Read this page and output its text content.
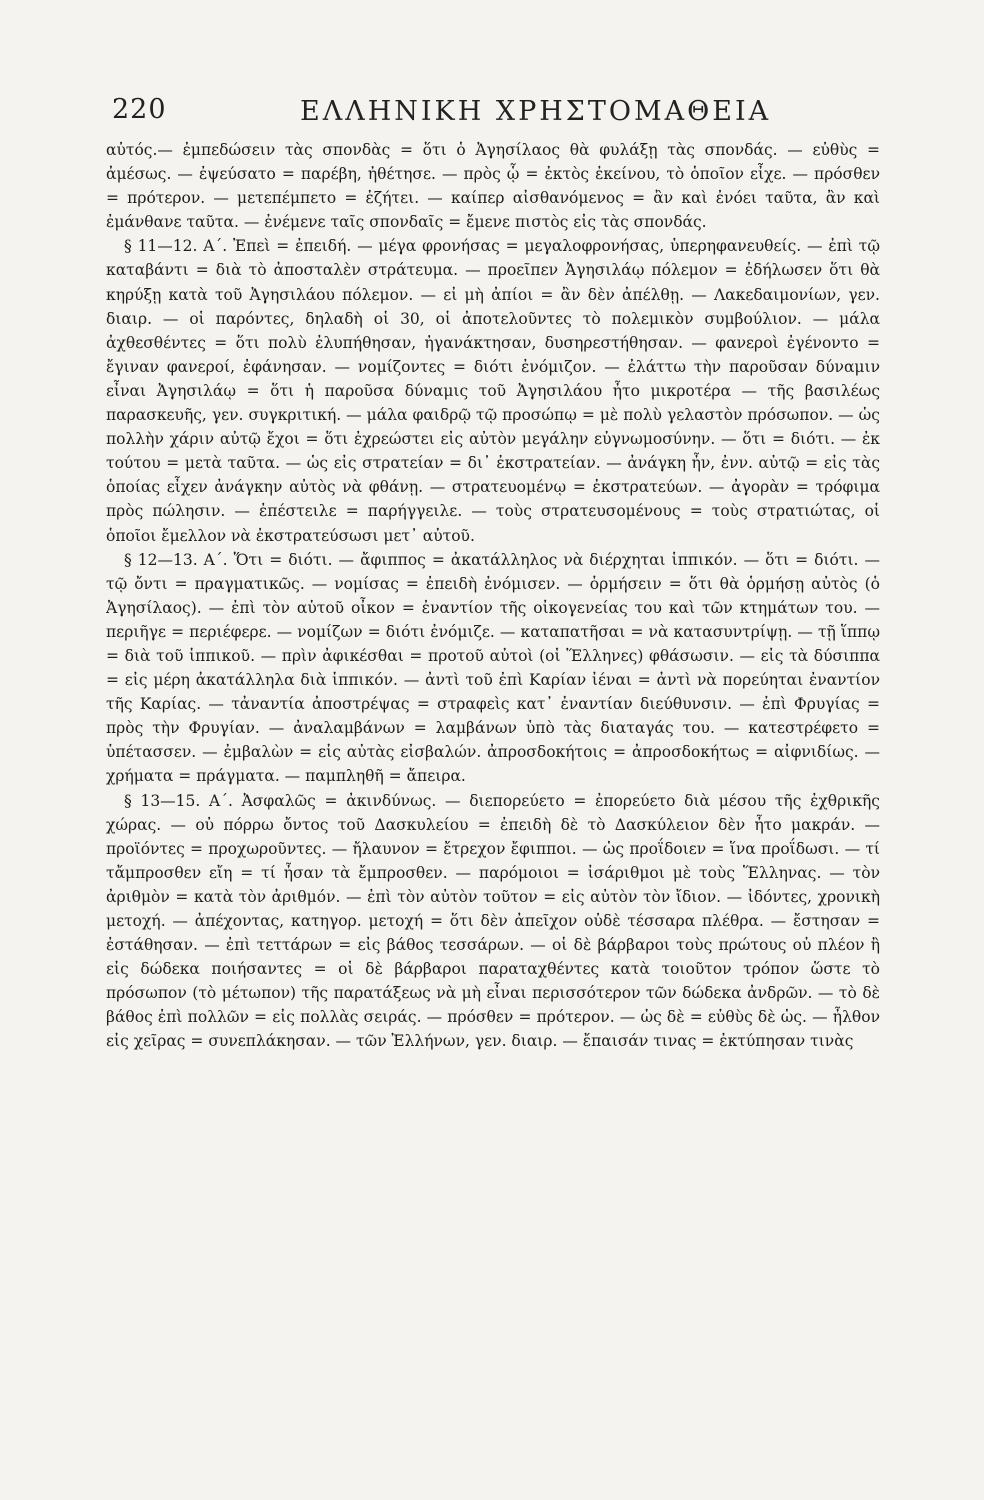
220	ΕΛΛΗΝΙΚΗ ΧΡΗΣΤΟΜΑΘΕΙΑ

αὐτός.— ἐμπεδώσειν τὰς σπονδὰς = ὅτι ὁ Ἀγησίλαος θὰ φυλάξῃ τὰς σπονδάς. — εὐθὺς = ἀμέσως. — ἐψεύσατο = παρέβη, ἠθέτησε. — πρὸς ᾧ = ἐκτὸς ἐκείνου, τὸ ὁποῖον εἶχε. — πρόσθεν = πρότερον. — μετεπέμπετο = ἐζήτει. — καίπερ αἰσθανόμενος = ἂν καὶ ἐνόει ταῦτα, ἂν καὶ ἐμάνθανε ταῦτα. — ἐνέμενε ταῖς σπονδαῖς = ἔμενε πιστὸς εἰς τὰς σπονδάς.

§ 11—12. Α΄. Ἐπεὶ = ἐπειδή. — μέγα φρονήσας = μεγαλοφρονήσας, ὑπερηφανευθείς. — ἐπὶ τῷ καταβάντι = διὰ τὸ ἀποσταλὲν στράτευμα. — προεῖπεν Ἀγησιλάῳ πόλεμον = ἐδήλωσεν ὅτι θὰ κηρύξῃ κατὰ τοῦ Ἀγησιλάου πόλεμον. — εἰ μὴ ἀπίοι = ἂν δὲν ἀπέλθῃ. — Λακεδαιμονίων, γεν. διαιρ. — οἱ παρόντες, δηλαδὴ οἱ 30, οἱ ἀποτελοῦντες τὸ πολεμικὸν συμβούλιον. — μάλα ἀχθεσθέντες = ὅτι πολὺ ἐλυπήθησαν, ἠγανάκτησαν, δυσηρεστήθησαν. — φανεροὶ ἐγένοντο = ἔγιναν φανεροί, ἐφάνησαν. — νομίζοντες = διότι ἐνόμιζον. — ἐλάττω τὴν παροῦσαν δύναμιν εἶναι Ἀγησιλάῳ = ὅτι ἡ παροῦσα δύναμις τοῦ Ἀγησιλάου ἦτο μικροτέρα — τῆς βασιλέως παρασκευῆς, γεν. συγκριτική. — μάλα φαιδρῷ τῷ προσώπῳ = μὲ πολὺ γελαστὸν πρόσωπον. — ὡς πολλὴν χάριν αὐτῷ ἔχοι = ὅτι ἐχρεώστει εἰς αὐτὸν μεγάλην εὐγνωμοσύνην. — ὅτι = διότι. — ἐκ τούτου = μετὰ ταῦτα. — ὡς εἰς στρατείαν = δι᾽ ἐκστρατείαν. — ἀνάγκη ἦν, ἐνν. αὐτῷ = εἰς τὰς ὁποίας εἶχεν ἀνάγκην αὐτὸς νὰ φθάνῃ. — στρατευομένῳ = ἐκστρατεύων. — ἀγορὰν = τρόφιμα πρὸς πώλησιν. — ἐπέστειλε = παρήγγειλε. — τοὺς στρατευσομένους = τοὺς στρατιώτας, οἱ ὁποῖοι ἔμελλον νὰ ἐκστρατεύσωσι μετ᾽ αὐτοῦ.

§ 12—13. Α΄. Ὅτι = διότι. — ἄφιππος = ἀκατάλληλος νὰ διέρχηται ἱππικόν. — ὅτι = διότι. — τῷ ὄντι = πραγματικῶς. — νομίσας = ἐπειδὴ ἐνόμισεν. — ὁρμήσειν = ὅτι θὰ ὁρμήσῃ αὐτὸς (ὁ Ἀγησίλαος). — ἐπὶ τὸν αὑτοῦ οἶκον = ἐναντίον τῆς οἰκογενείας του καὶ τῶν κτημάτων του. — περιῆγε = περιέφερε. — νομίζων = διότι ἐνόμιζε. — καταπατῆσαι = νὰ κατασυντρίψῃ. — τῇ ἵππῳ = διὰ τοῦ ἱππικοῦ. — πρὶν ἀφικέσθαι = προτοῦ αὐτοὶ (οἱ Ἕλληνες) φθάσωσιν. — εἰς τὰ δύσιππα = εἰς μέρη ἀκατάλληλα διὰ ἱππικόν. — ἀντὶ τοῦ ἐπὶ Καρίαν ἰέναι = ἀντὶ νὰ πορεύηται ἐναντίον τῆς Καρίας. — τἀναντία ἀποστρέψας = στραφεὶς κατ᾽ ἐναντίαν διεύθυνσιν. — ἐπὶ Φρυγίας = πρὸς τὴν Φρυγίαν. — ἀναλαμβάνων = λαμβάνων ὑπὸ τὰς διαταγάς του. — κατεστρέφετο = ὑπέτασσεν. — ἐμβαλὼν = εἰς αὐτὰς εἰσβαλών. ἀπροσδοκήτοις = ἀπροσδοκήτως = αἰφνιδίως. — χρήματα = πράγματα. — παμπληθῆ = ἄπειρα.

§ 13—15. Α΄. Ἀσφαλῶς = ἀκινδύνως. — διεπορεύετο = ἐπορεύετο διὰ μέσου τῆς ἐχθρικῆς χώρας. — οὐ πόρρω ὄντος τοῦ Δασκυλείου = ἐπειδὴ δὲ τὸ Δασκύλειον δὲν ἦτο μακράν. — προϊόντες = προχωροῦντες. — ἤλαυνον = ἔτρεχον ἔφιπποι. — ὡς προΐδοιεν = ἵνα προΐδωσι. — τί τἄμπροσθεν εἴη = τί ἦσαν τὰ ἔμπροσθεν. — παρόμοιοι = ἰσάριθμοι μὲ τοὺς Ἕλληνας. — τὸν ἀριθμὸν = κατὰ τὸν ἀριθμόν. — ἐπὶ τὸν αὐτὸν τοῦτον = εἰς αὐτὸν τὸν ἴδιον. — ἰδόντες, χρονικὴ μετοχή. — ἀπέχοντας, κατηγορ. μετοχή = ὅτι δὲν ἀπεῖχον οὐδὲ τέσσαρα πλέθρα. — ἔστησαν = ἐστάθησαν. — ἐπὶ τεττάρων = εἰς βάθος τεσσάρων. — οἱ δὲ βάρβαροι τοὺς πρώτους οὐ πλέον ἢ εἰς δώδεκα ποιήσαντες = οἱ δὲ βάρβαροι παραταχθέντες κατὰ τοιοῦτον τρόπον ὥστε τὸ πρόσωπον (τὸ μέτωπον) τῆς παρατάξεως νὰ μὴ εἶναι περισσότερον τῶν δώδεκα ἀνδρῶν. — τὸ δὲ βάθος ἐπὶ πολλῶν = εἰς πολλὰς σειράς. — πρόσθεν = πρότερον. — ὡς δὲ = εὐθὺς δὲ ὡς. — ἦλθον εἰς χεῖρας = συνεπλάκησαν. — τῶν Ἑλλήνων, γεν. διαιρ. — ἔπαισάν τινας = ἐκτύπησαν τινὰς
